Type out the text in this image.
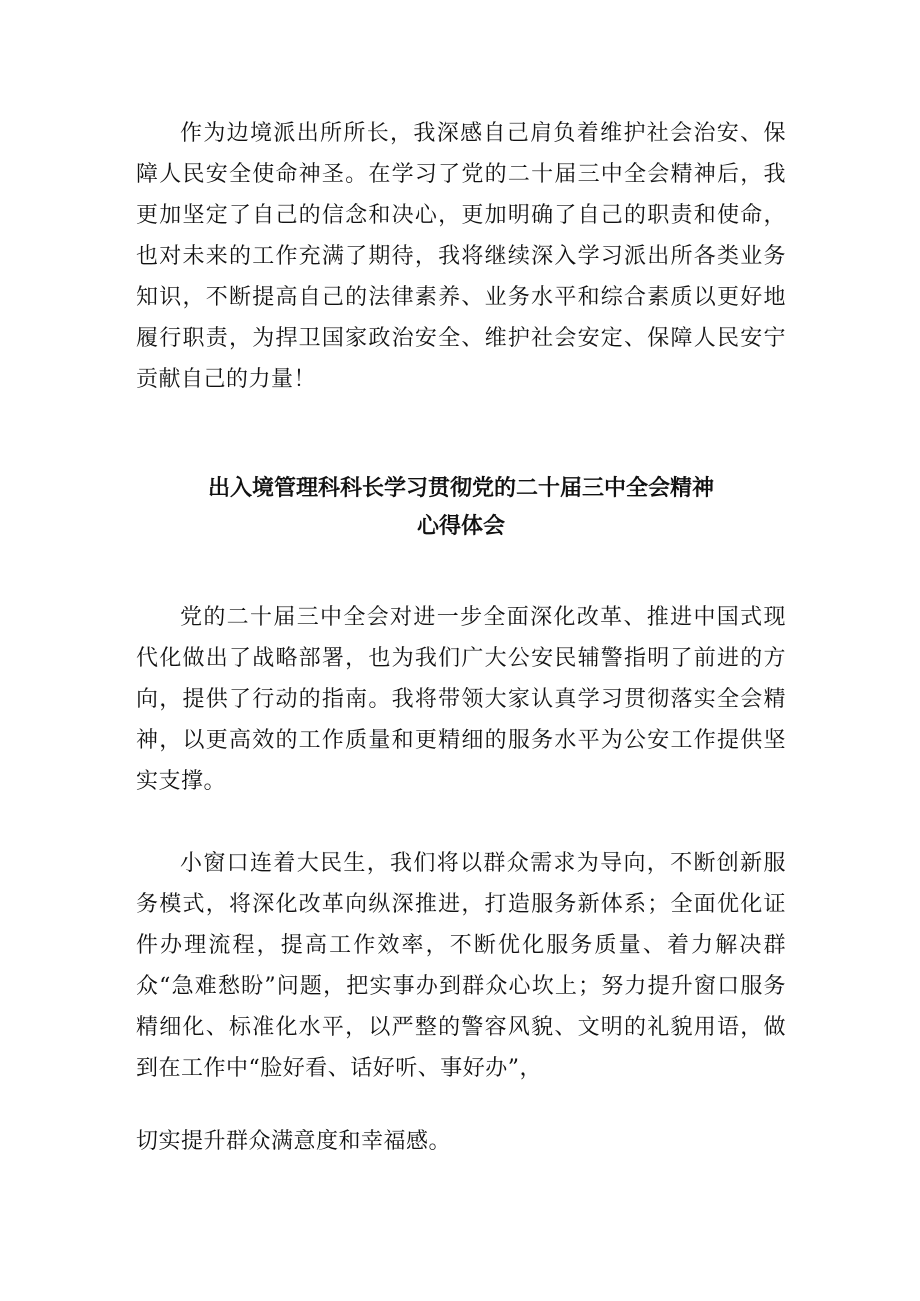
作为边境派出所所长，我深感自己肩负着维护社会治安、保障人民安全使命神圣。在学习了党的二十届三中全会精神后，我更加坚定了自己的信念和决心，更加明确了自己的职责和使命，也对未来的工作充满了期待，我将继续深入学习派出所各类业务知识，不断提高自己的法律素养、业务水平和综合素质以更好地履行职责，为捍卫国家政治安全、维护社会安定、保障人民安宁贡献自己的力量！

出入境管理科科长学习贯彻党的二十届三中全会精神
心得体会

党的二十届三中全会对进一步全面深化改革、推进中国式现代化做出了战略部署，也为我们广大公安民辅警指明了前进的方向，提供了行动的指南。我将带领大家认真学习贯彻落实全会精神，以更高效的工作质量和更精细的服务水平为公安工作提供坚实支撑。

小窗口连着大民生，我们将以群众需求为导向，不断创新服务模式，将深化改革向纵深推进，打造服务新体系；全面优化证件办理流程，提高工作效率，不断优化服务质量、着力解决群众“急难愁盼”问题，把实事办到群众心坎上；努力提升窗口服务精细化、标准化水平，以严整的警容风貌、文明的礼貌用语，做到在工作中“脸好看、话好听、事好办”，

切实提升群众满意度和幸福感。
